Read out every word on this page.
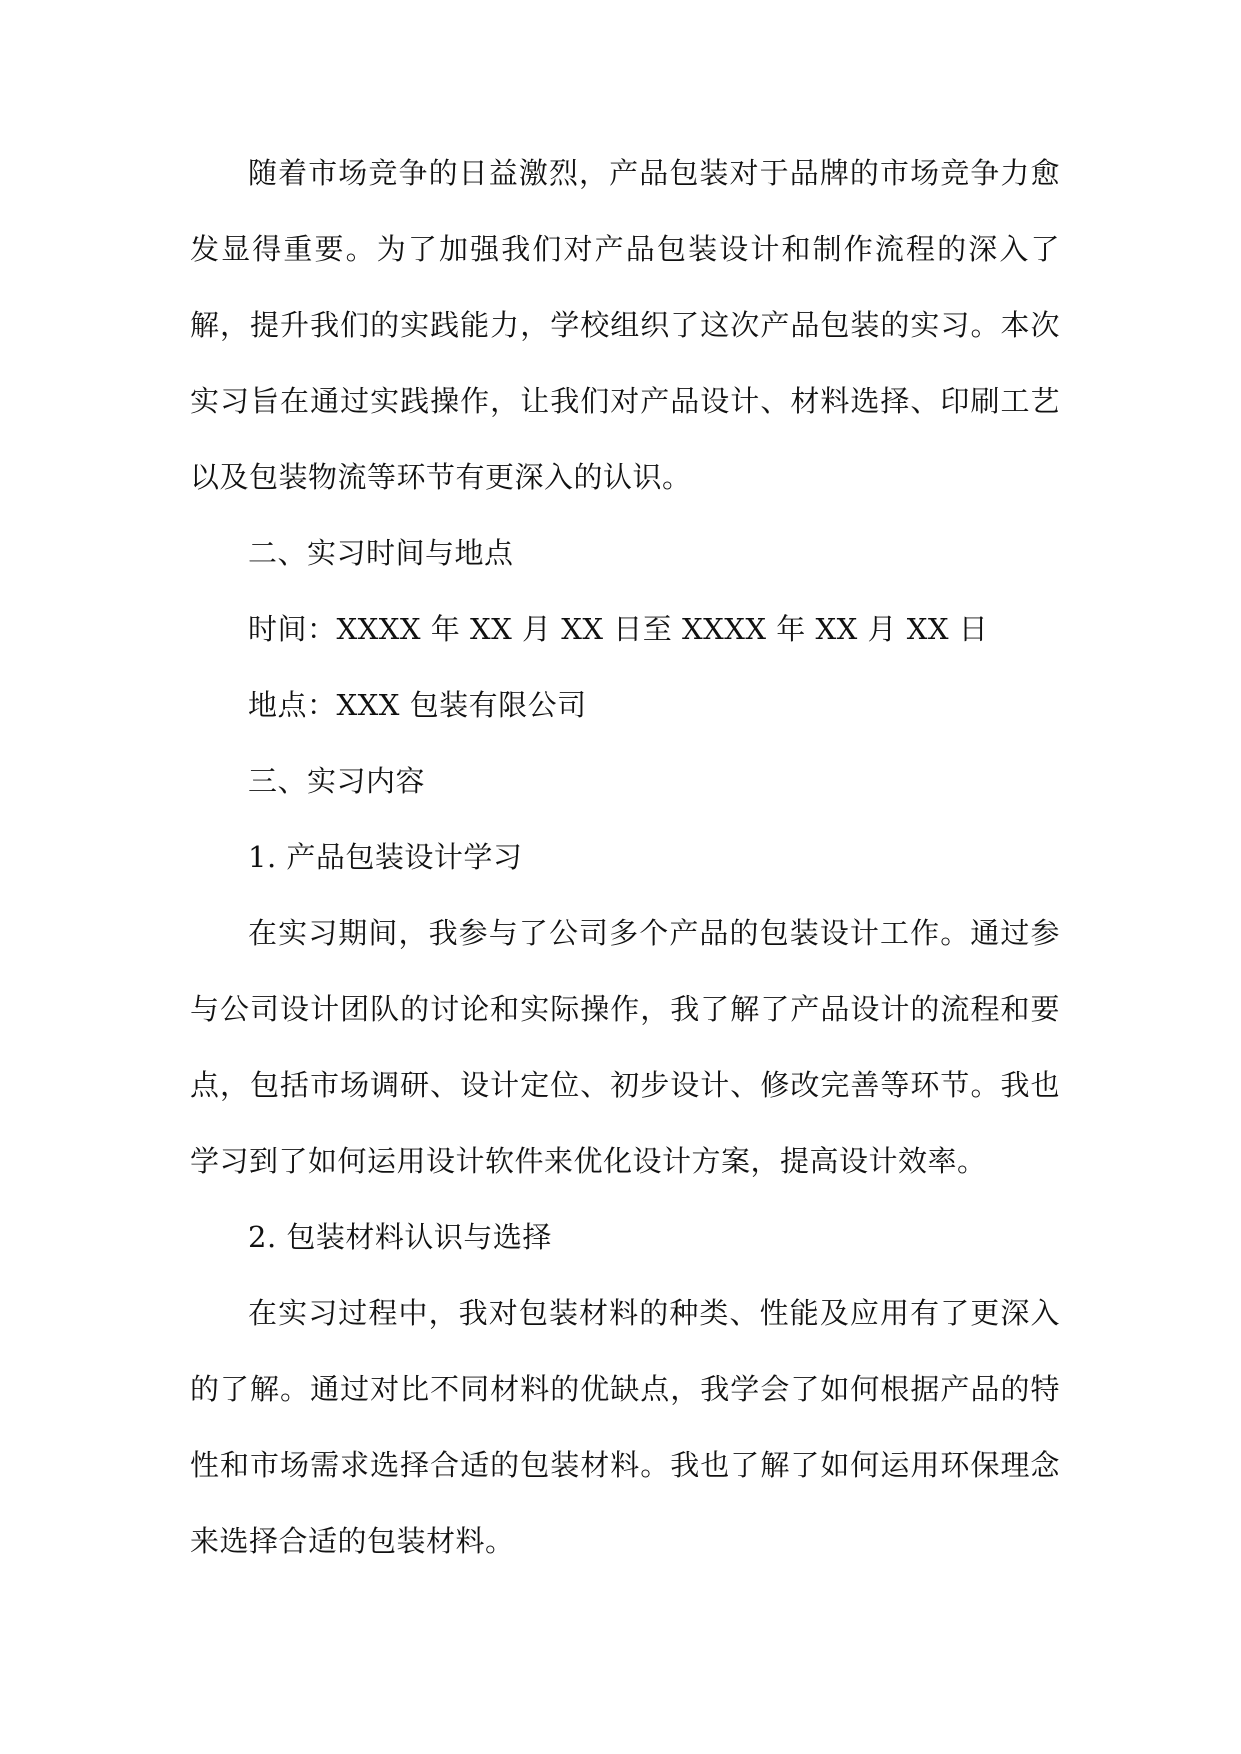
随着市场竞争的日益激烈，产品包装对于品牌的市场竞争力愈发显得重要。为了加强我们对产品包装设计和制作流程的深入了解，提升我们的实践能力，学校组织了这次产品包装的实习。本次实习旨在通过实践操作，让我们对产品设计、材料选择、印刷工艺以及包装物流等环节有更深入的认识。

二、实习时间与地点

时间：XXXX 年 XX 月 XX 日至 XXXX 年 XX 月 XX 日

地点：XXX 包装有限公司

三、实习内容

1. 产品包装设计学习

在实习期间，我参与了公司多个产品的包装设计工作。通过参与公司设计团队的讨论和实际操作，我了解了产品设计的流程和要点，包括市场调研、设计定位、初步设计、修改完善等环节。我也学习到了如何运用设计软件来优化设计方案，提高设计效率。

2. 包装材料认识与选择

在实习过程中，我对包装材料的种类、性能及应用有了更深入的了解。通过对比不同材料的优缺点，我学会了如何根据产品的特性和市场需求选择合适的包装材料。我也了解了如何运用环保理念来选择合适的包装材料。
